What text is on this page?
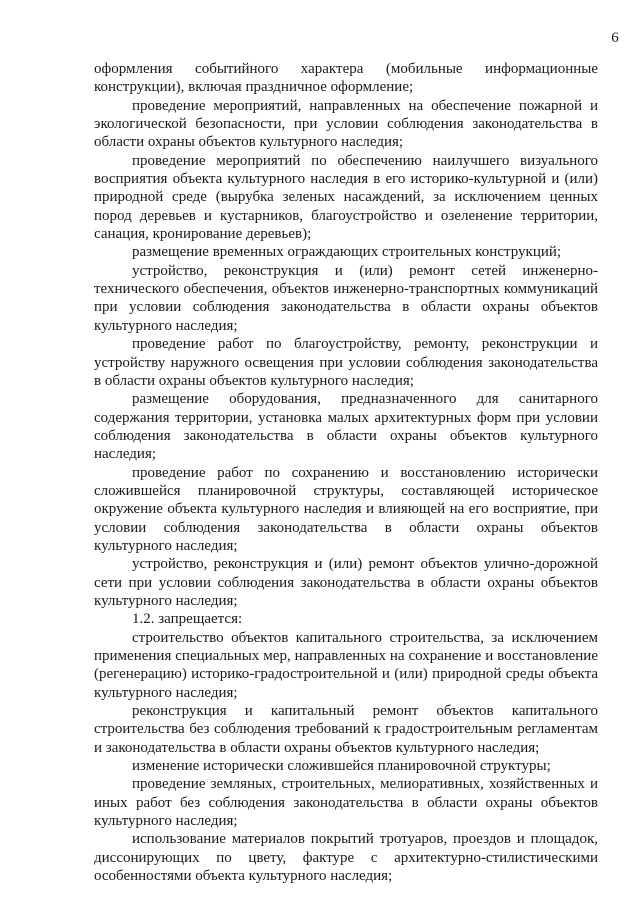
6

оформления событийного характера (мобильные информационные конструкции), включая праздничное оформление;

проведение мероприятий, направленных на обеспечение пожарной и экологической безопасности, при условии соблюдения законодательства в области охраны объектов культурного наследия;

проведение мероприятий по обеспечению наилучшего визуального восприятия объекта культурного наследия в его историко-культурной и (или) природной среде (вырубка зеленых насаждений, за исключением ценных пород деревьев и кустарников, благоустройство и озеленение территории, санация, кронирование деревьев);

размещение временных ограждающих строительных конструкций;

устройство, реконструкция и (или) ремонт сетей инженерно-технического обеспечения, объектов инженерно-транспортных коммуникаций при условии соблюдения законодательства в области охраны объектов культурного наследия;

проведение работ по благоустройству, ремонту, реконструкции и устройству наружного освещения при условии соблюдения законодательства в области охраны объектов культурного наследия;

размещение оборудования, предназначенного для санитарного содержания территории, установка малых архитектурных форм при условии соблюдения законодательства в области охраны объектов культурного наследия;

проведение работ по сохранению и восстановлению исторически сложившейся планировочной структуры, составляющей историческое окружение объекта культурного наследия и влияющей на его восприятие, при условии соблюдения законодательства в области охраны объектов культурного наследия;

устройство, реконструкция и (или) ремонт объектов улично-дорожной сети при условии соблюдения законодательства в области охраны объектов культурного наследия;

1.2. запрещается:

строительство объектов капитального строительства, за исключением применения специальных мер, направленных на сохранение и восстановление (регенерацию) историко-градостроительной и (или) природной среды объекта культурного наследия;

реконструкция и капитальный ремонт объектов капитального строительства без соблюдения требований к градостроительным регламентам и законодательства в области охраны объектов культурного наследия;

изменение исторически сложившейся планировочной структуры;

проведение земляных, строительных, мелиоративных, хозяйственных и иных работ без соблюдения законодательства в области охраны объектов культурного наследия;

использование материалов покрытий тротуаров, проездов и площадок, диссонирующих по цвету, фактуре с архитектурно-стилистическими особенностями объекта культурного наследия;
